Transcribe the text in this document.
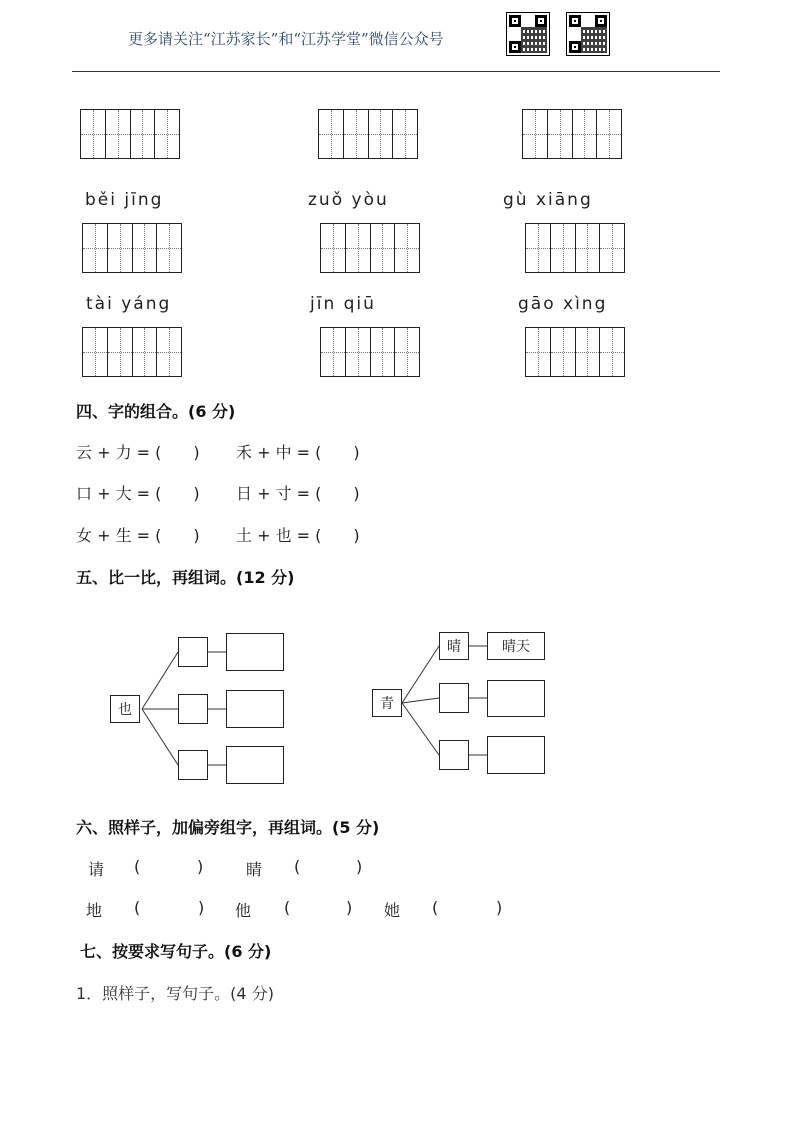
更多请关注“江苏家长”和“江苏学堂”微信公众号
běi jīng	zuǒ yòu	gù xiāng
tài yáng	jīn qiū	gāo xìng
四、字的组合。(6 分)
云 + 力 = (　　) 禾 + 中 = (　　)
口 + 大 = (　　) 日 + 寸 = (　　)
女 + 生 = (　　) 土 + 也 = (　　)
五、比一比，再组词。(12 分)
也	青
晴	晴天
六、照样子，加偏旁组字，再组词。(5 分)
请 (	)	睛 (	)
地 (	) 他 (	) 她 (	)
七、按要求写句子。(6 分)
1．照样子，写句子。(4 分)
